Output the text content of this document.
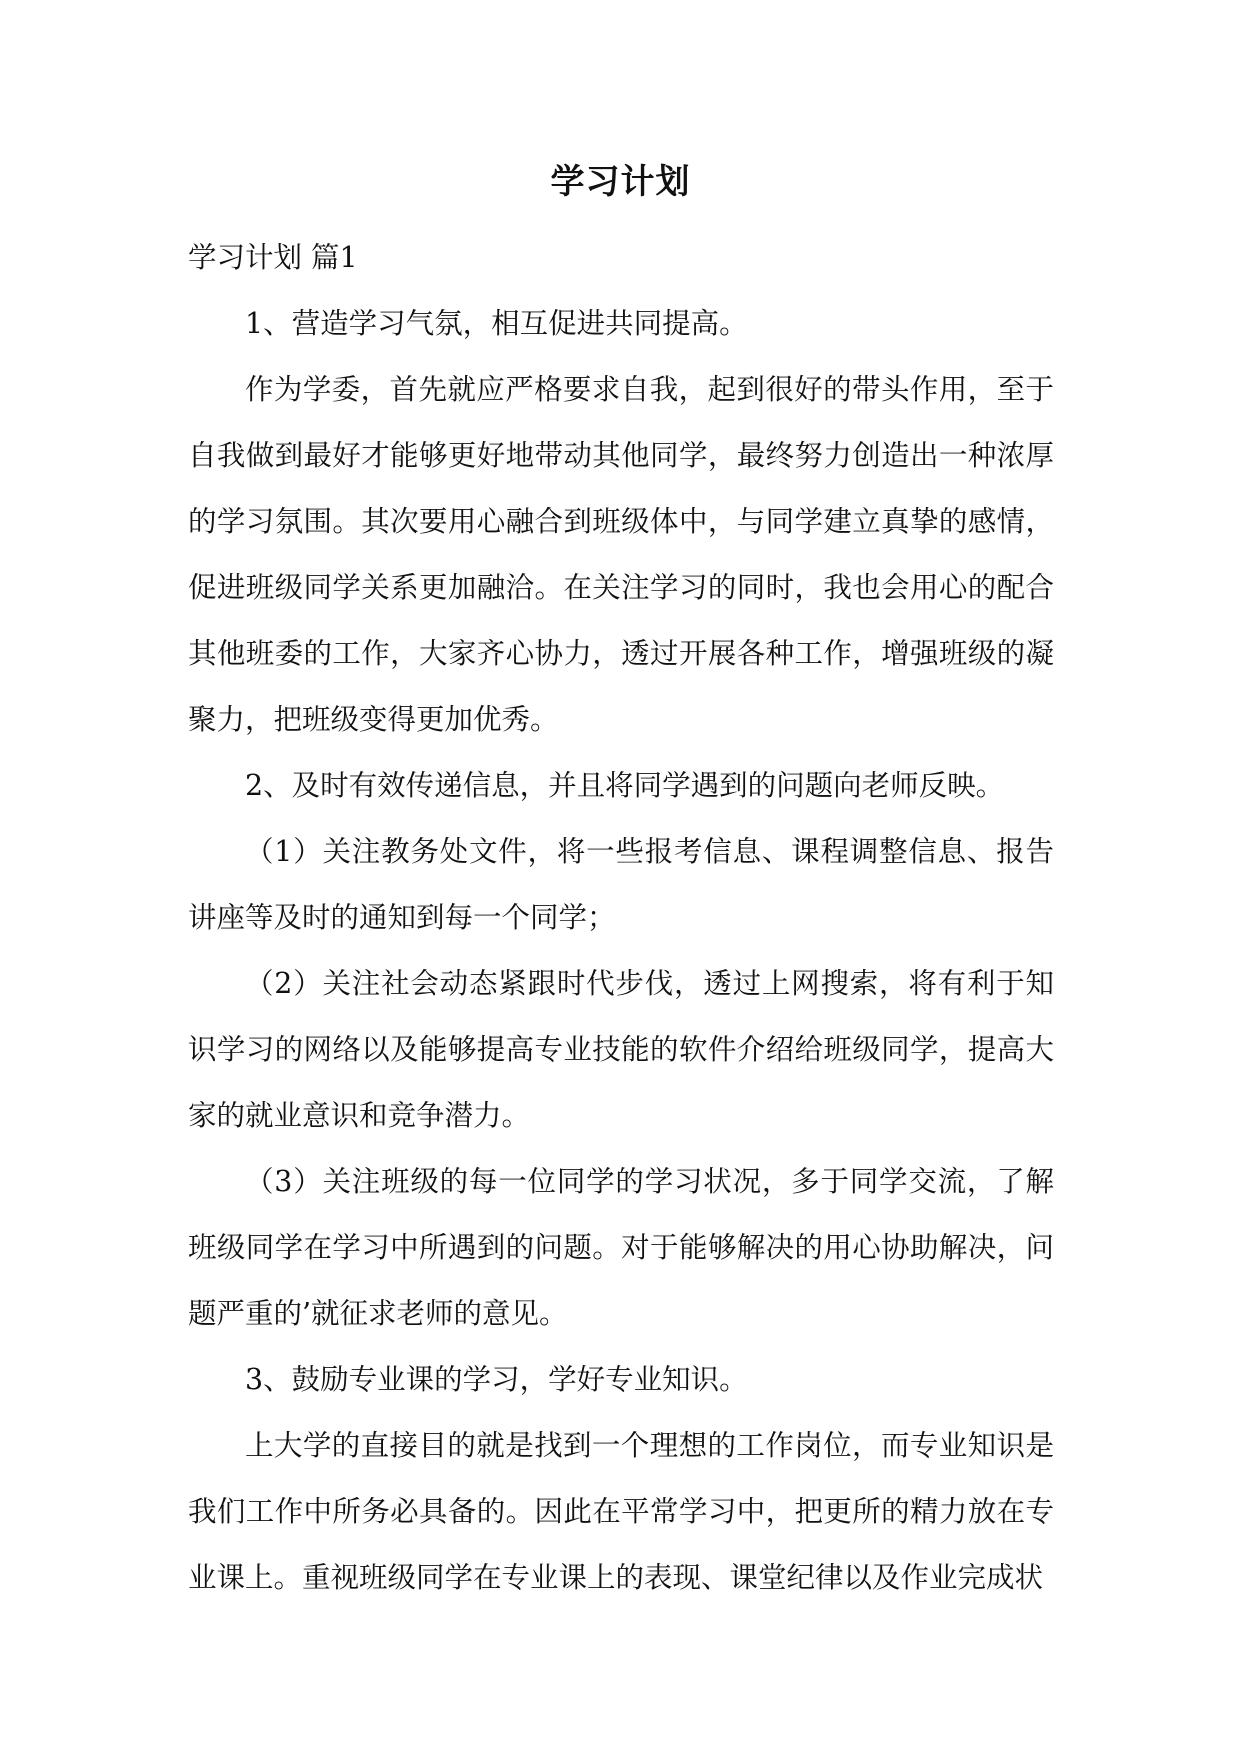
学习计划

学习计划 篇1

1、营造学习气氛，相互促进共同提高。

作为学委，首先就应严格要求自我，起到很好的带头作用，至于自我做到最好才能够更好地带动其他同学，最终努力创造出一种浓厚的学习氛围。其次要用心融合到班级体中，与同学建立真挚的感情，促进班级同学关系更加融洽。在关注学习的同时，我也会用心的配合其他班委的工作，大家齐心协力，透过开展各种工作，增强班级的凝聚力，把班级变得更加优秀。

2、及时有效传递信息，并且将同学遇到的问题向老师反映。

（1）关注教务处文件，将一些报考信息、课程调整信息、报告讲座等及时的通知到每一个同学；

（2）关注社会动态紧跟时代步伐，透过上网搜索，将有利于知识学习的网络以及能够提高专业技能的软件介绍给班级同学，提高大家的就业意识和竞争潜力。

（3）关注班级的每一位同学的学习状况，多于同学交流，了解班级同学在学习中所遇到的问题。对于能够解决的用心协助解决，问题严重的’就征求老师的意见。

3、鼓励专业课的学习，学好专业知识。

上大学的直接目的就是找到一个理想的工作岗位，而专业知识是我们工作中所务必具备的。因此在平常学习中，把更所的精力放在专业课上。重视班级同学在专业课上的表现、课堂纪律以及作业完成状
